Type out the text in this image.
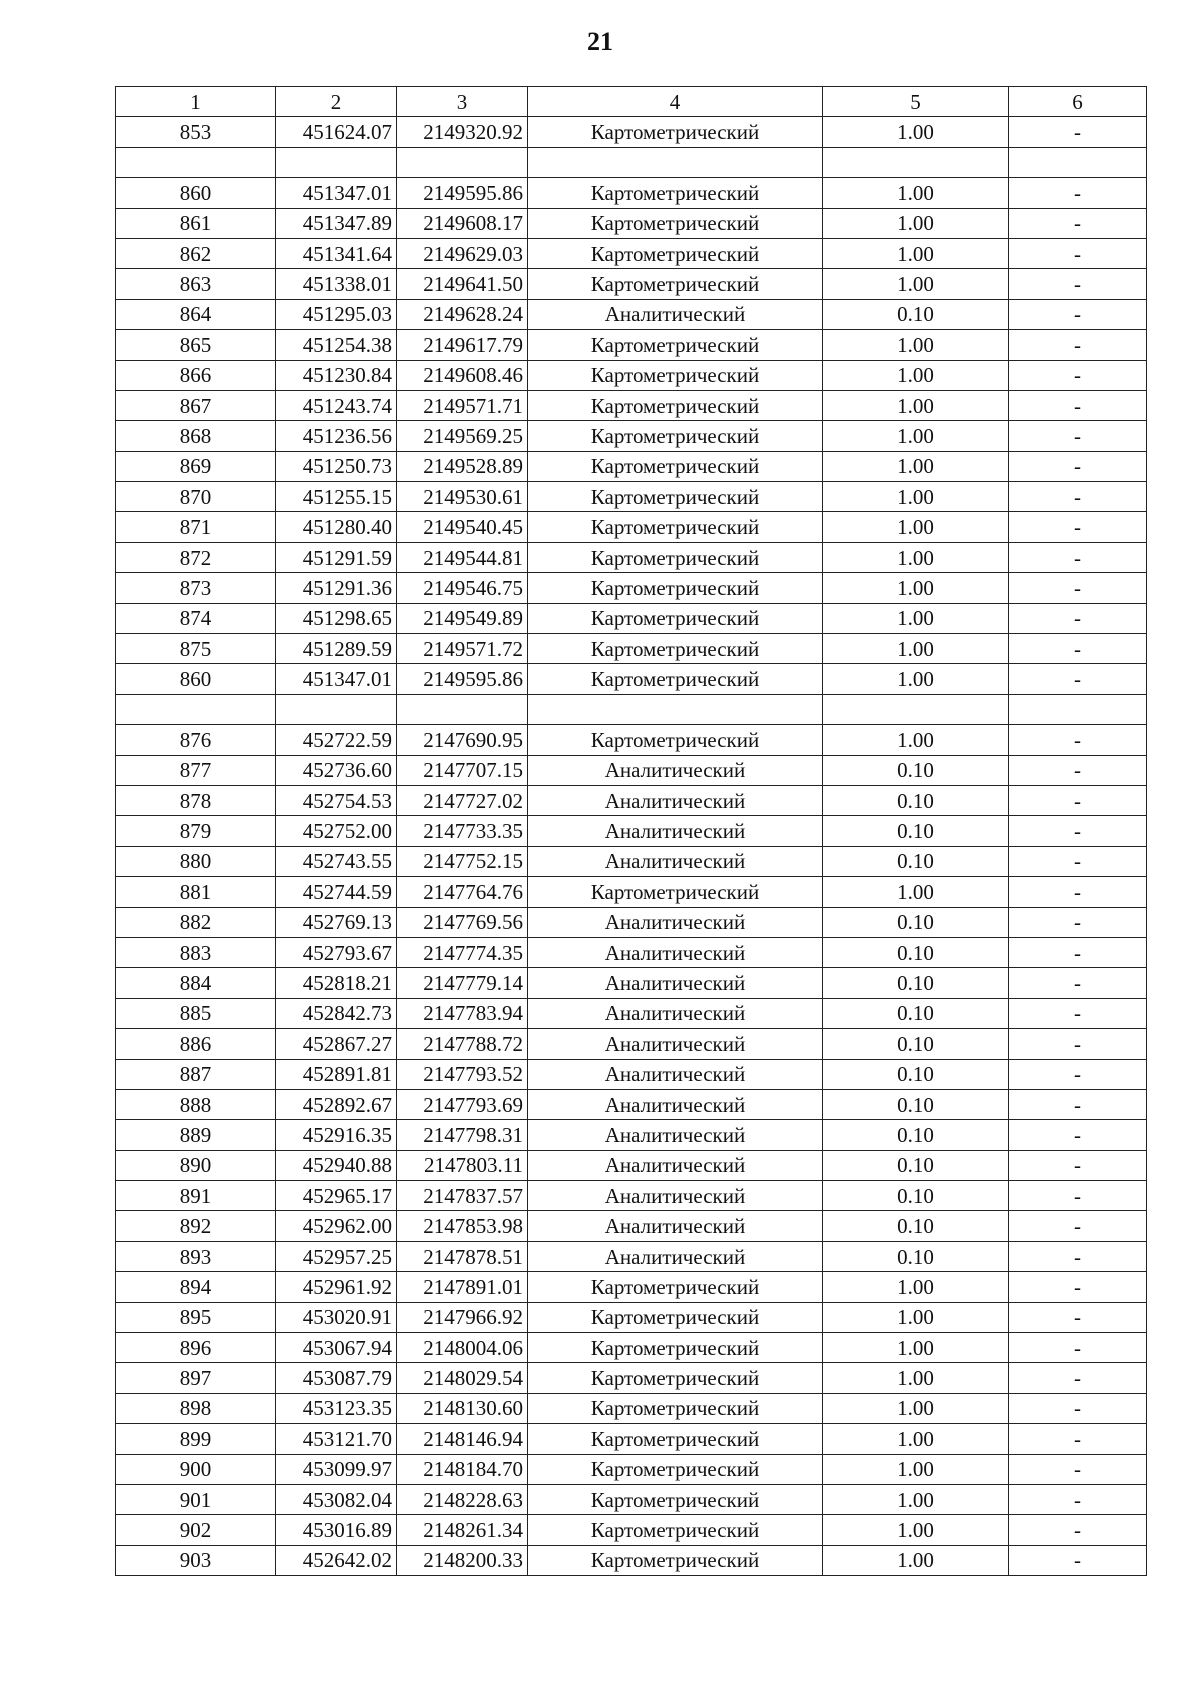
21
1	2	3	4	5	6
853	451624.07	2149320.92	Картометрический	1.00	-

860	451347.01	2149595.86	Картометрический	1.00	-
861	451347.89	2149608.17	Картометрический	1.00	-
862	451341.64	2149629.03	Картометрический	1.00	-
863	451338.01	2149641.50	Картометрический	1.00	-
864	451295.03	2149628.24	Аналитический	0.10	-
865	451254.38	2149617.79	Картометрический	1.00	-
866	451230.84	2149608.46	Картометрический	1.00	-
867	451243.74	2149571.71	Картометрический	1.00	-
868	451236.56	2149569.25	Картометрический	1.00	-
869	451250.73	2149528.89	Картометрический	1.00	-
870	451255.15	2149530.61	Картометрический	1.00	-
871	451280.40	2149540.45	Картометрический	1.00	-
872	451291.59	2149544.81	Картометрический	1.00	-
873	451291.36	2149546.75	Картометрический	1.00	-
874	451298.65	2149549.89	Картометрический	1.00	-
875	451289.59	2149571.72	Картометрический	1.00	-
860	451347.01	2149595.86	Картометрический	1.00	-

876	452722.59	2147690.95	Картометрический	1.00	-
877	452736.60	2147707.15	Аналитический	0.10	-
878	452754.53	2147727.02	Аналитический	0.10	-
879	452752.00	2147733.35	Аналитический	0.10	-
880	452743.55	2147752.15	Аналитический	0.10	-
881	452744.59	2147764.76	Картометрический	1.00	-
882	452769.13	2147769.56	Аналитический	0.10	-
883	452793.67	2147774.35	Аналитический	0.10	-
884	452818.21	2147779.14	Аналитический	0.10	-
885	452842.73	2147783.94	Аналитический	0.10	-
886	452867.27	2147788.72	Аналитический	0.10	-
887	452891.81	2147793.52	Аналитический	0.10	-
888	452892.67	2147793.69	Аналитический	0.10	-
889	452916.35	2147798.31	Аналитический	0.10	-
890	452940.88	2147803.11	Аналитический	0.10	-
891	452965.17	2147837.57	Аналитический	0.10	-
892	452962.00	2147853.98	Аналитический	0.10	-
893	452957.25	2147878.51	Аналитический	0.10	-
894	452961.92	2147891.01	Картометрический	1.00	-
895	453020.91	2147966.92	Картометрический	1.00	-
896	453067.94	2148004.06	Картометрический	1.00	-
897	453087.79	2148029.54	Картометрический	1.00	-
898	453123.35	2148130.60	Картометрический	1.00	-
899	453121.70	2148146.94	Картометрический	1.00	-
900	453099.97	2148184.70	Картометрический	1.00	-
901	453082.04	2148228.63	Картометрический	1.00	-
902	453016.89	2148261.34	Картометрический	1.00	-
903	452642.02	2148200.33	Картометрический	1.00	-
